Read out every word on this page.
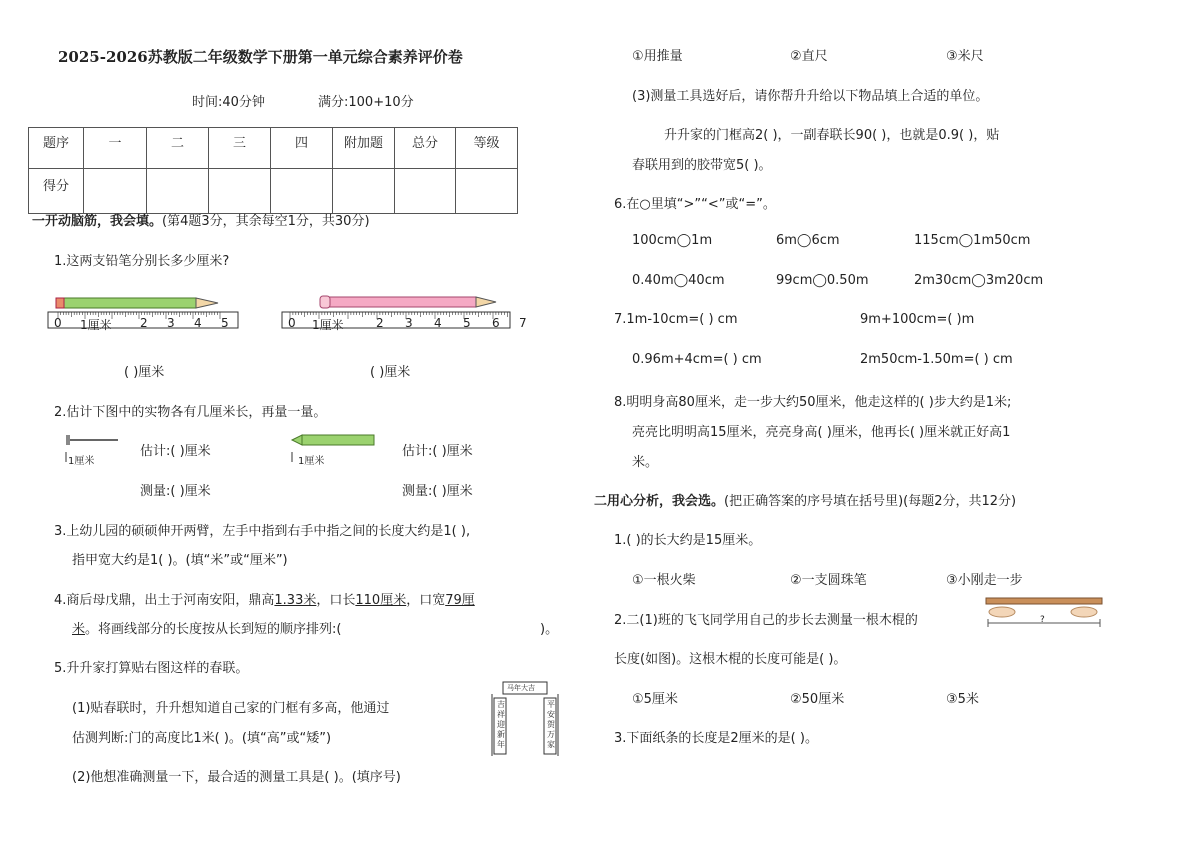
2025-2026苏教版二年级数学下册第一单元综合素养评价卷
时间:40分钟	满分:100+10分
题序	一	二	三	四	附加题	总分	等级
得分							
一开动脑筋，我会填。(第4题3分，其余每空1分，共30分)
1.这两支铅笔分别长多少厘米?
0 1厘米 2 3 4 5	0 1厘米	2 3 4 5 6 7
( )厘米	( )厘米
2.估计下图中的实物各有几厘米长，再量一量。
1厘米
估计:( )厘米
测量:( )厘米
1厘米
估计:( )厘米
测量:( )厘米
3.上幼儿园的硕硕伸开两臂，左手中指到右手中指之间的长度大约是1( ),
指甲宽大约是1( )。(填“米”或“厘米”)
4.商后母戊鼎，出土于河南安阳，鼎高1.33米，口长110厘米，口宽79厘
米。将画线部分的长度按从长到短的顺序排列:(	)。
5.升升家打算贴右图这样的春联。
(1)贴春联时，升升想知道自己家的门框有多高，他通过
估测判断:门的高度比1米( )。(填“高”或“矮”)
(2)他想准确测量一下，最合适的测量工具是( )。(填序号)
马年大吉
吉祥迎新年
平安贺万家
①用推量	②直尺	③米尺
(3)测量工具选好后，请你帮升升给以下物品填上合适的单位。
升升家的门框高2( )，一副春联长90( )，也就是0.9( )，贴
春联用到的胶带宽5( )。
6.在○里填“>”“<”或“=”。
100cm◯1m	6m◯6cm	115cm◯1m50cm
0.40m◯40cm	99cm◯0.50m	2m30cm◯3m20cm
7.1m-10cm=( ) cm	9m+100cm=( )m
0.96m+4cm=( ) cm	2m50cm-1.50m=( ) cm
8.明明身高80厘米，走一步大约50厘米，他走这样的( )步大约是1米;
亮亮比明明高15厘米，亮亮身高( )厘米，他再长( )厘米就正好高1
米。
二用心分析，我会选。(把正确答案的序号填在括号里)(每题2分，共12分)
1.( )的长大约是15厘米。
①一根火柴	②一支圆珠笔	③小刚走一步
2.二(1)班的飞飞同学用自己的步长去测量一根木棍的
长度(如图)。这根木棍的长度可能是( )。
?
①5厘米	②50厘米	③5米
3.下面纸条的长度是2厘米的是( )。
